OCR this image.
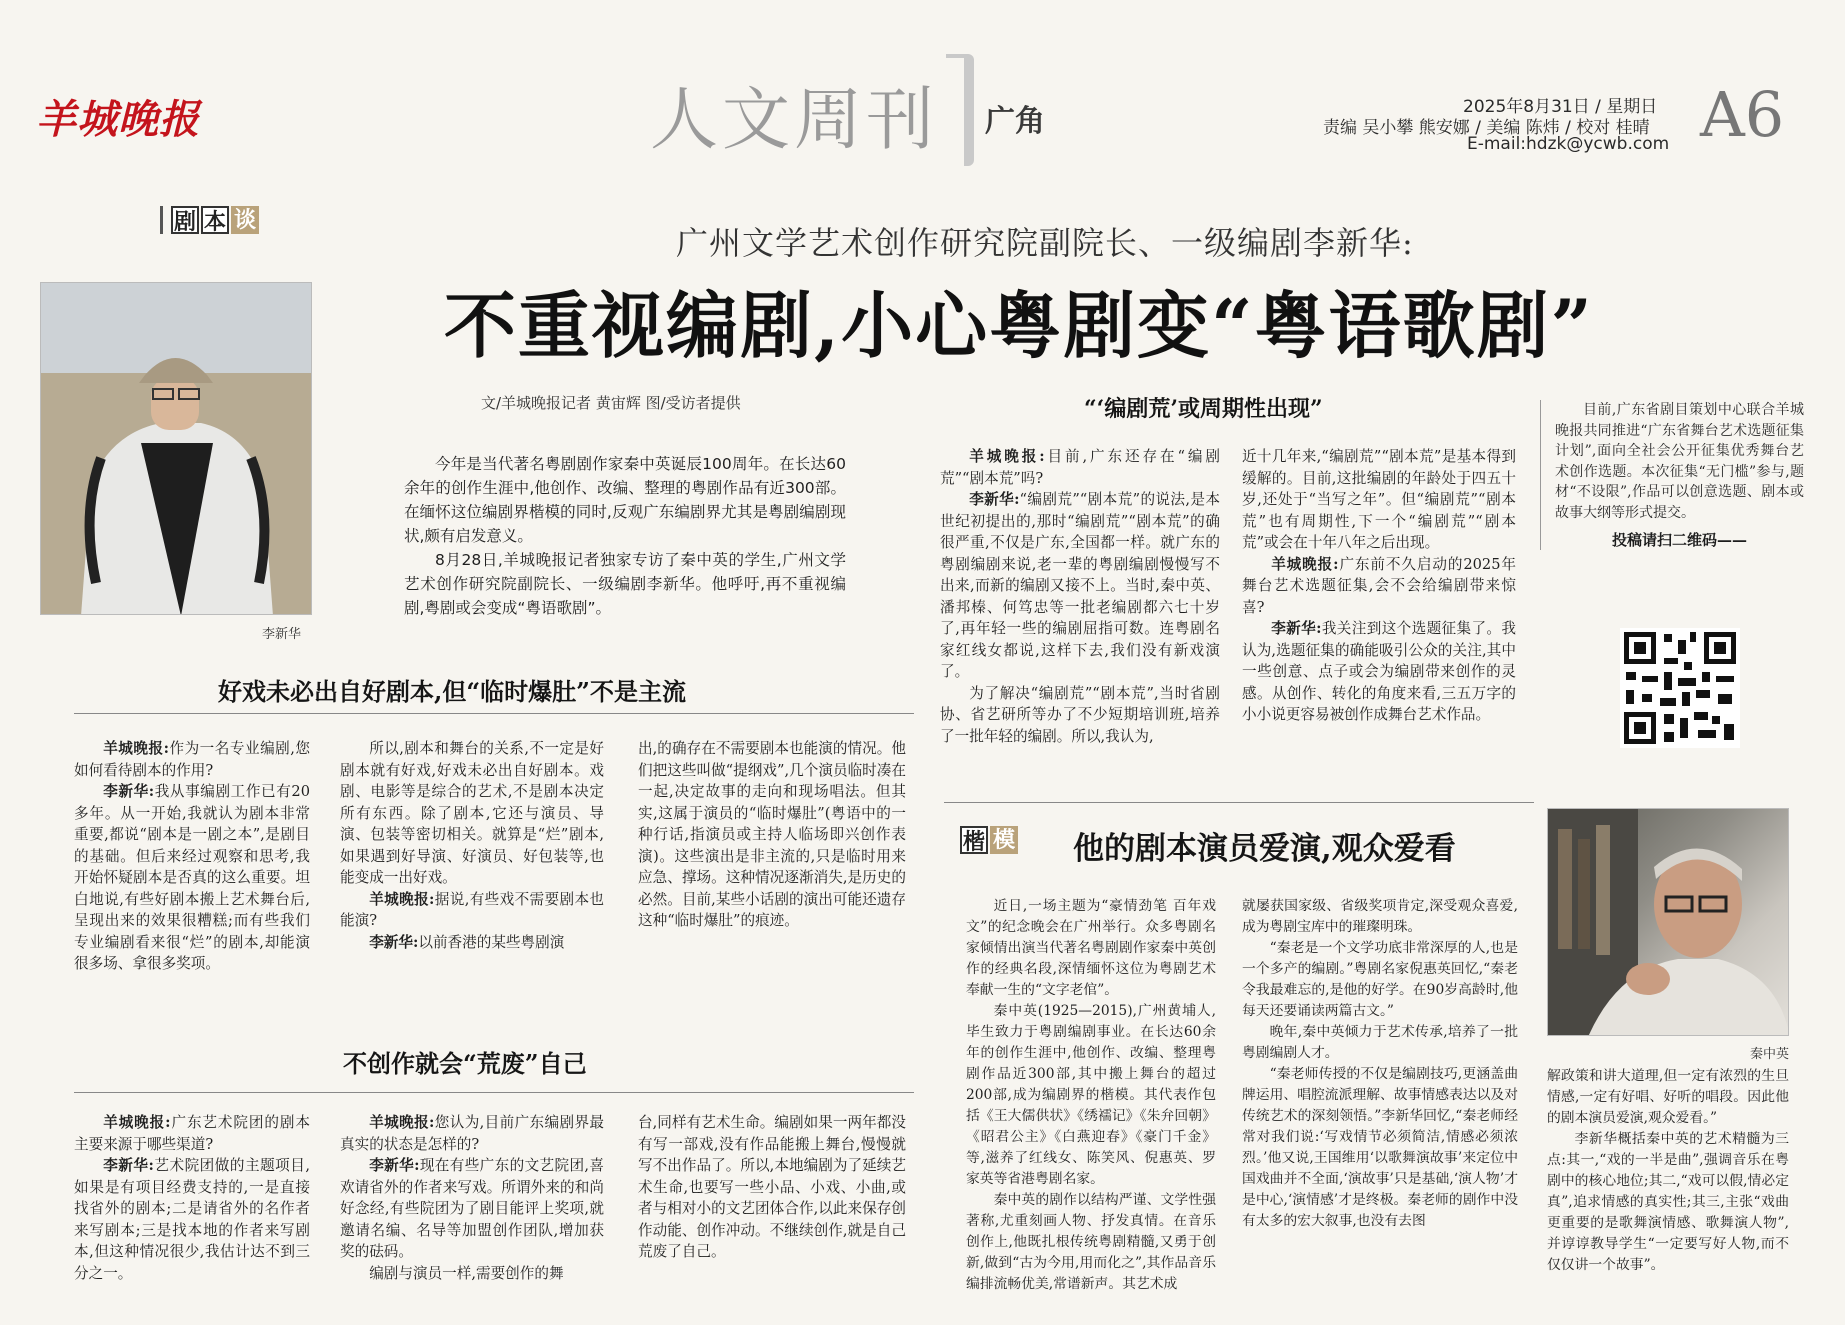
羊城晚报	人文周刊 广角	2025年8月31日 / 星期日
责编 吴小攀 熊安娜 / 美编 陈炜 / 校对 桂晴
E-mail:hdzk@ycwb.com A6
剧 本 谈
广州文学艺术创作研究院副院长、一级编剧李新华:
不重视编剧,小心粤剧变“粤语歌剧”
文/羊城晚报记者 黄宙辉 图/受访者提供
李新华

今年是当代著名粤剧剧作家秦中英诞辰100周年。在长达60余年的创作生涯中,他创作、改编、整理的粤剧作品有近300部。在缅怀这位编剧界楷模的同时,反观广东编剧界尤其是粤剧编剧现状,颇有启发意义。

8月28日,羊城晚报记者独家专访了秦中英的学生,广州文学艺术创作研究院副院长、一级编剧李新华。他呼吁,再不重视编剧,粤剧或会变成“粤语歌剧”。

好戏未必出自好剧本,但“临时爆肚”不是主流

羊城晚报:作为一名专业编剧,您如何看待剧本的作用?

李新华:我从事编剧工作已有20多年。从一开始,我就认为剧本非常重要,都说“剧本是一剧之本”,是剧目的基础。但后来经过观察和思考,我开始怀疑剧本是否真的这么重要。坦白地说,有些好剧本搬上艺术舞台后,呈现出来的效果很糟糕;而有些我们专业编剧看来很“烂”的剧本,却能演很多场、拿很多奖项。

所以,剧本和舞台的关系,不一定是好剧本就有好戏,好戏未必出自好剧本。戏剧、电影等是综合的艺术,不是剧本决定所有东西。除了剧本,它还与演员、导演、包装等密切相关。就算是“烂”剧本,如果遇到好导演、好演员、好包装等,也能变成一出好戏。

羊城晚报:据说,有些戏不需要剧本也能演?

李新华:以前香港的某些粤剧演

出,的确存在不需要剧本也能演的情况。他们把这些叫做“提纲戏”,几个演员临时凑在一起,决定故事的走向和现场唱法。但其实,这属于演员的“临时爆肚”(粤语中的一种行话,指演员或主持人临场即兴创作表演)。这些演出是非主流的,只是临时用来应急、撑场。这种情况逐渐消失,是历史的必然。目前,某些小话剧的演出可能还遗存这种“临时爆肚”的痕迹。

不创作就会“荒废”自己

羊城晚报:广东艺术院团的剧本主要来源于哪些渠道?

李新华:艺术院团做的主题项目,如果是有项目经费支持的,一是直接找省外的剧本;二是请省外的名作者来写剧本;三是找本地的作者来写剧本,但这种情况很少,我估计达不到三分之一。

羊城晚报:您认为,目前广东编剧界最真实的状态是怎样的?

李新华:现在有些广东的文艺院团,喜欢请省外的作者来写戏。所谓外来的和尚好念经,有些院团为了剧目能评上奖项,就邀请名编、名导等加盟创作团队,增加获奖的砝码。

编剧与演员一样,需要创作的舞

台,同样有艺术生命。编剧如果一两年都没有写一部戏,没有作品能搬上舞台,慢慢就写不出作品了。所以,本地编剧为了延续艺术生命,也要写一些小品、小戏、小曲,或者与相对小的文艺团体合作,以此来保存创作动能、创作冲动。不继续创作,就是自己荒废了自己。

“‘编剧荒’或周期性出现”

羊城晚报:目前,广东还存在“编剧荒”“剧本荒”吗?

李新华:“编剧荒”“剧本荒”的说法,是本世纪初提出的,那时“编剧荒”“剧本荒”的确很严重,不仅是广东,全国都一样。就广东的粤剧编剧来说,老一辈的粤剧编剧慢慢写不出来,而新的编剧又接不上。当时,秦中英、潘邦榛、何笃忠等一批老编剧都六七十岁了,再年轻一些的编剧屈指可数。连粤剧名家红线女都说,这样下去,我们没有新戏演了。

为了解决“编剧荒”“剧本荒”,当时省剧协、省艺研所等办了不少短期培训班,培养了一批年轻的编剧。所以,我认为,

近十几年来,“编剧荒”“剧本荒”是基本得到缓解的。目前,这批编剧的年龄处于四五十岁,还处于“当写之年”。但“编剧荒”“剧本荒”也有周期性,下一个“编剧荒”“剧本荒”或会在十年八年之后出现。

羊城晚报:广东前不久启动的2025年舞台艺术选题征集,会不会给编剧带来惊喜?

李新华:我关注到这个选题征集了。我认为,选题征集的确能吸引公众的关注,其中一些创意、点子或会为编剧带来创作的灵感。从创作、转化的角度来看,三五万字的小小说更容易被创作成舞台艺术作品。

目前,广东省剧目策划中心联合羊城晚报共同推进“广东省舞台艺术选题征集计划”,面向全社会公开征集优秀舞台艺术创作选题。本次征集“无门槛”参与,题材“不设限”,作品可以创意选题、剧本或故事大纲等形式提交。

投稿请扫二维码——
楷 模 他的剧本演员爱演,观众爱看
秦中英

近日,一场主题为“豪情劲笔 百年戏文”的纪念晚会在广州举行。众多粤剧名家倾情出演当代著名粤剧剧作家秦中英创作的经典名段,深情缅怀这位为粤剧艺术奉献一生的“文字老倌”。

秦中英(1925—2015),广州黄埔人,毕生致力于粤剧编剧事业。在长达60余年的创作生涯中,他创作、改编、整理粤剧作品近300部,其中搬上舞台的超过200部,成为编剧界的楷模。其代表作包括《王大儒供状》《绣襦记》《朱弁回朝》《昭君公主》《白燕迎春》《豪门千金》等,滋养了红线女、陈笑风、倪惠英、罗家英等省港粤剧名家。

秦中英的剧作以结构严谨、文学性强著称,尤重刻画人物、抒发真情。在音乐创作上,他既扎根传统粤剧精髓,又勇于创新,做到“古为今用,用而化之”,其作品音乐编排流畅优美,常谱新声。其艺术成

就屡获国家级、省级奖项肯定,深受观众喜爱,成为粤剧宝库中的璀璨明珠。

“秦老是一个文学功底非常深厚的人,也是一个多产的编剧。”粤剧名家倪惠英回忆,“秦老令我最难忘的,是他的好学。在90岁高龄时,他每天还要诵读两篇古文。”

晚年,秦中英倾力于艺术传承,培养了一批粤剧编剧人才。

“秦老师传授的不仅是编剧技巧,更涵盖曲牌运用、唱腔流派理解、故事情感表达以及对传统艺术的深刻领悟。”李新华回忆,“秦老师经常对我们说:‘写戏情节必须简洁,情感必须浓烈。’他又说,王国维用‘以歌舞演故事’来定位中国戏曲并不全面,‘演故事’只是基础,‘演人物’才是中心,‘演情感’才是终极。秦老师的剧作中没有太多的宏大叙事,也没有去图

解政策和讲大道理,但一定有浓烈的生旦情感,一定有好唱、好听的唱段。因此他的剧本演员爱演,观众爱看。”

李新华概括秦中英的艺术精髓为三点:其一,“戏的一半是曲”,强调音乐在粤剧中的核心地位;其二,“戏可以假,情必定真”,追求情感的真实性;其三,主张“戏曲更重要的是歌舞演情感、歌舞演人物”,并谆谆教导学生“一定要写好人物,而不仅仅讲一个故事”。
